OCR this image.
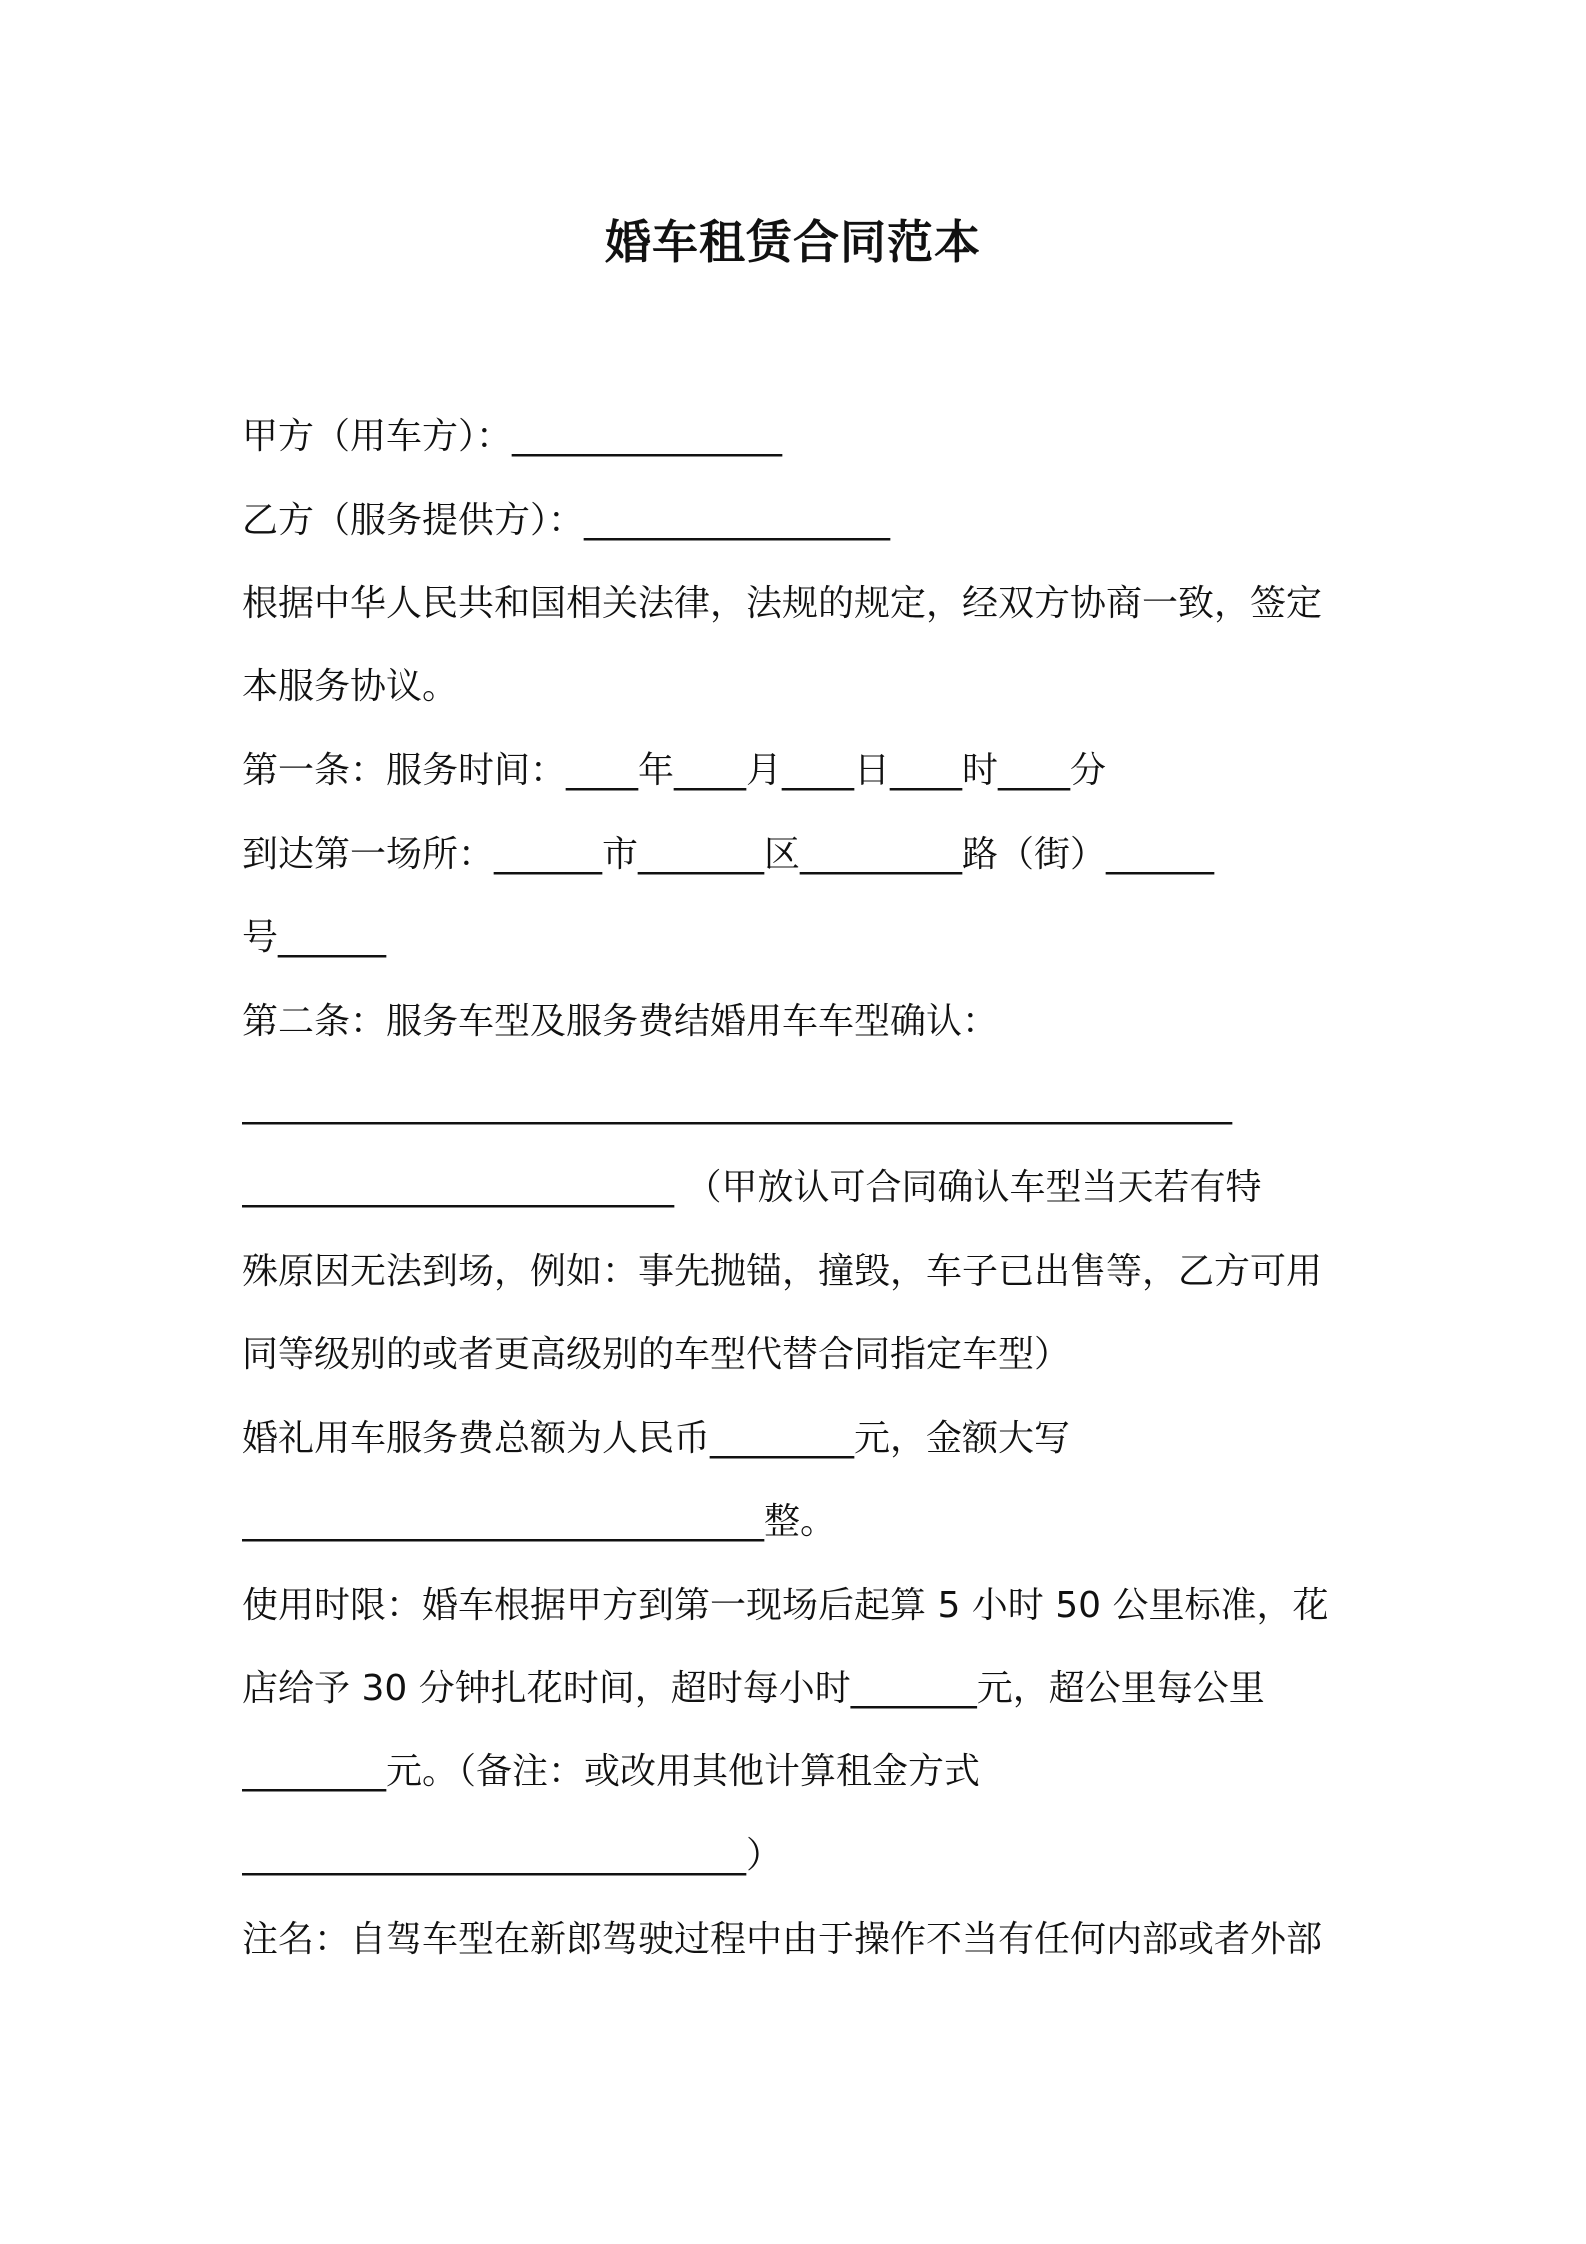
婚车租赁合同范本
甲方（用车方）：_______________
乙方（服务提供方）：_________________
根据中华人民共和国相关法律，法规的规定，经双方协商一致，签定
本服务协议。
第一条：服务时间：____年____月____日____时____分
到达第一场所：______市_______区_________路（街）______
号______
第二条：服务车型及服务费结婚用车车型确认：
_______________________________________________________
________________________ （甲放认可合同确认车型当天若有特
殊原因无法到场，例如：事先抛锚，撞毁，车子已出售等，乙方可用
同等级别的或者更高级别的车型代替合同指定车型）
婚礼用车服务费总额为人民币________元，金额大写
_____________________________整。
使用时限：婚车根据甲方到第一现场后起算 5 小时 50 公里标准，花
店给予 30 分钟扎花时间，超时每小时_______元，超公里每公里
________元。（备注：或改用其他计算租金方式
____________________________）
注名：自驾车型在新郎驾驶过程中由于操作不当有任何内部或者外部
